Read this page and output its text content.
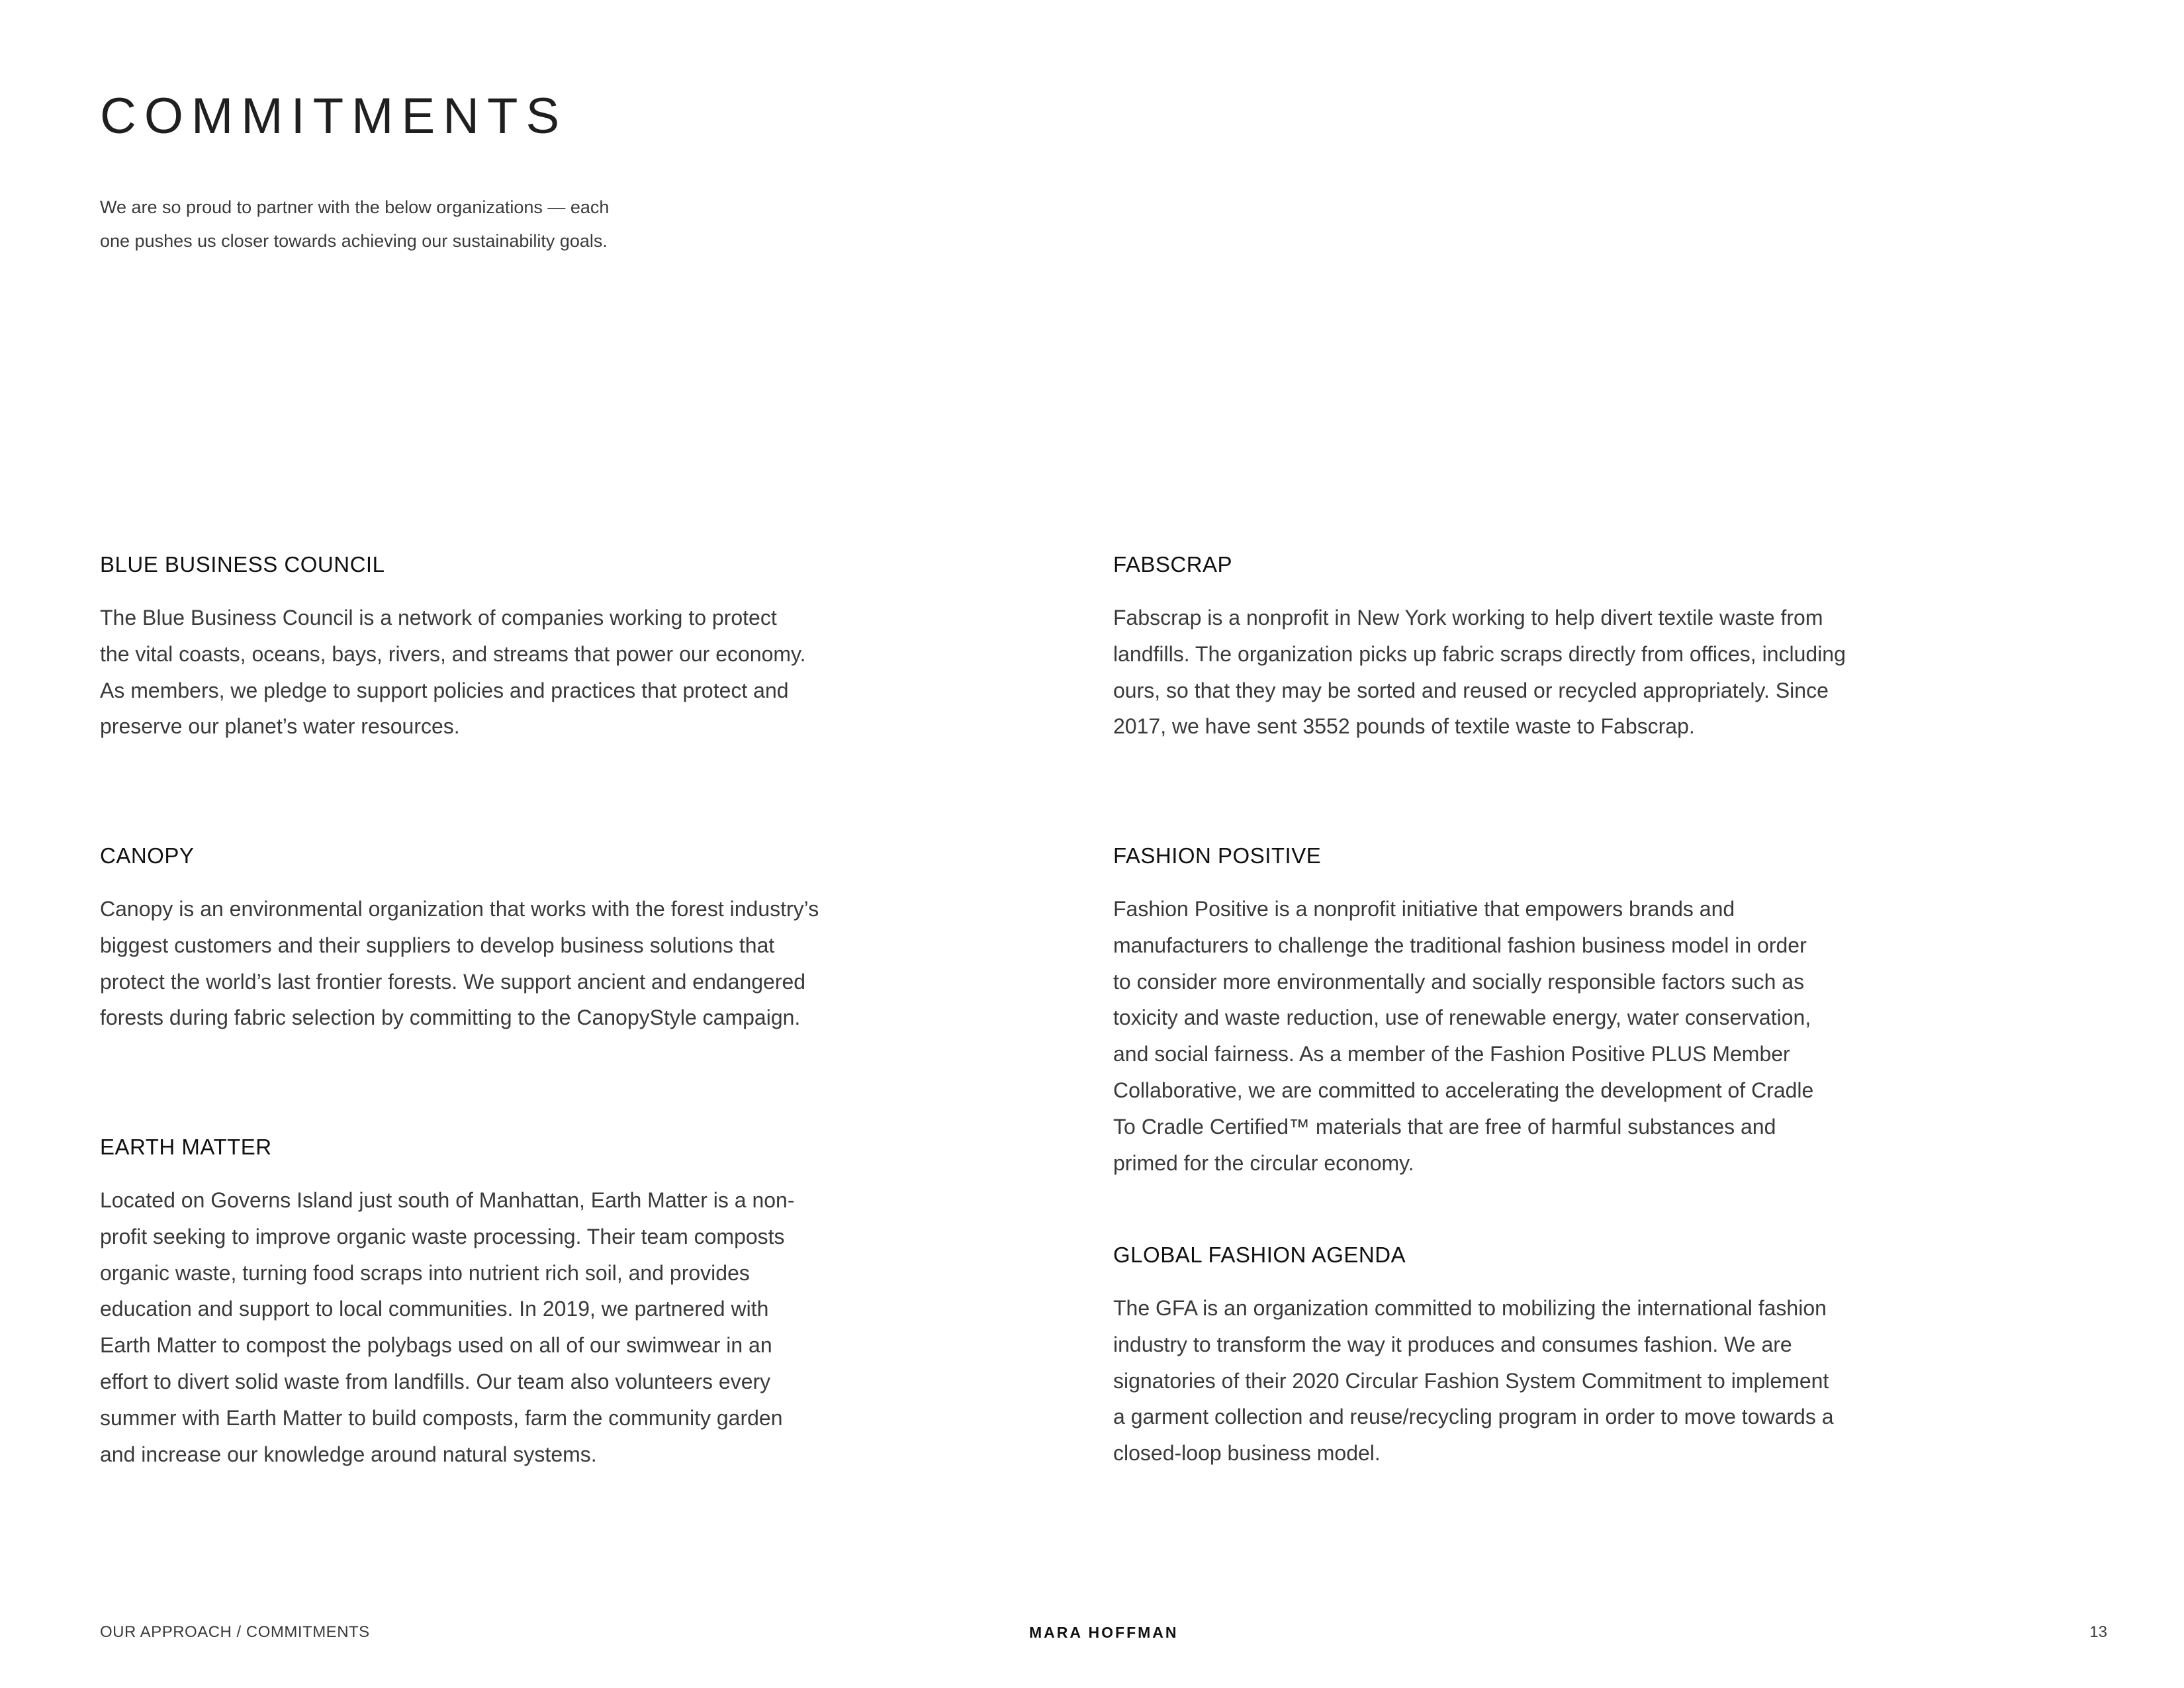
COMMITMENTS

We are so proud to partner with the below organizations — each
one pushes us closer towards achieving our sustainability goals.

BLUE BUSINESS COUNCIL

The Blue Business Council is a network of companies working to protect
the vital coasts, oceans, bays, rivers, and streams that power our economy.
As members, we pledge to support policies and practices that protect and
preserve our planet’s water resources.

CANOPY

Canopy is an environmental organization that works with the forest industry’s
biggest customers and their suppliers to develop business solutions that
protect the world’s last frontier forests. We support ancient and endangered
forests during fabric selection by committing to the CanopyStyle campaign.

EARTH MATTER

Located on Governs Island just south of Manhattan, Earth Matter is a non-
profit seeking to improve organic waste processing. Their team composts
organic waste, turning food scraps into nutrient rich soil, and provides
education and support to local communities. In 2019, we partnered with
Earth Matter to compost the polybags used on all of our swimwear in an
effort to divert solid waste from landfills. Our team also volunteers every
summer with Earth Matter to build composts, farm the community garden
and increase our knowledge around natural systems.

FABSCRAP

Fabscrap is a nonprofit in New York working to help divert textile waste from
landfills. The organization picks up fabric scraps directly from offices, including
ours, so that they may be sorted and reused or recycled appropriately. Since
2017, we have sent 3552 pounds of textile waste to Fabscrap.

FASHION POSITIVE

Fashion Positive is a nonprofit initiative that empowers brands and
manufacturers to challenge the traditional fashion business model in order
to consider more environmentally and socially responsible factors such as
toxicity and waste reduction, use of renewable energy, water conservation,
and social fairness. As a member of the Fashion Positive PLUS Member
Collaborative, we are committed to accelerating the development of Cradle
To Cradle Certified™ materials that are free of harmful substances and
primed for the circular economy.

GLOBAL FASHION AGENDA

The GFA is an organization committed to mobilizing the international fashion
industry to transform the way it produces and consumes fashion. We are
signatories of their 2020 Circular Fashion System Commitment to implement
a garment collection and reuse/recycling program in order to move towards a
closed-loop business model.

OUR APPROACH / COMMITMENTS	MARA HOFFMAN	13
